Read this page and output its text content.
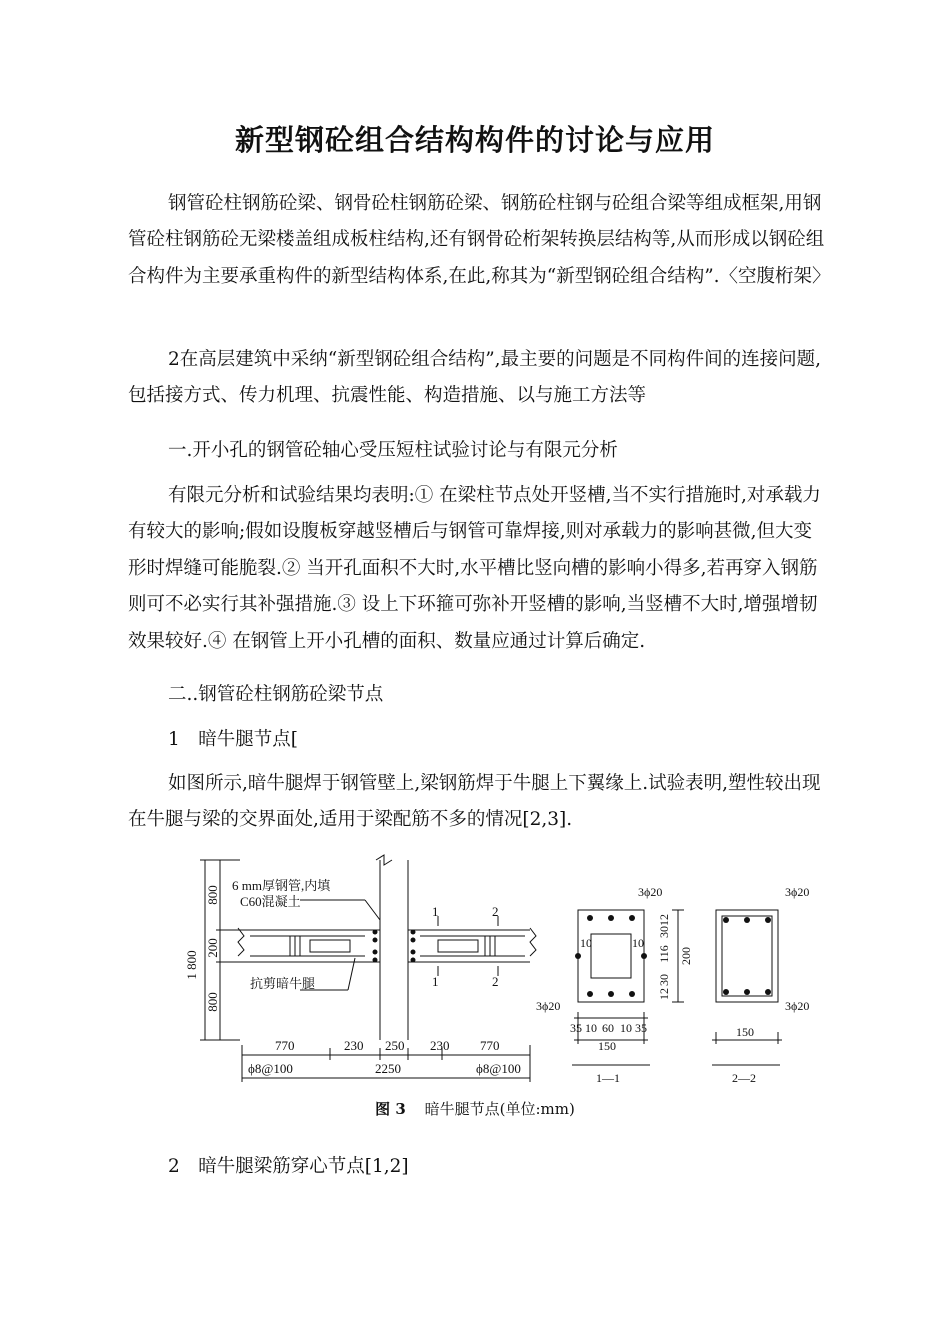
新型钢砼组合结构构件的讨论与应用

钢管砼柱钢筋砼梁、钢骨砼柱钢筋砼梁、钢筋砼柱钢与砼组合梁等组成框架,用钢管砼柱钢筋砼无梁楼盖组成板柱结构,还有钢骨砼桁架转换层结构等,从而形成以钢砼组合构件为主要承重构件的新型结构体系,在此,称其为“新型钢砼组合结构”.〈空腹桁架〉

2在高层建筑中采纳“新型钢砼组合结构”,最主要的问题是不同构件间的连接问题,包括接方式、传力机理、抗震性能、构造措施、以与施工方法等

一.开小孔的钢管砼轴心受压短柱试验讨论与有限元分析

有限元分析和试验结果均表明:① 在梁柱节点处开竖槽,当不实行措施时,对承载力有较大的影响;假如设腹板穿越竖槽后与钢管可靠焊接,则对承载力的影响甚微,但大变形时焊缝可能脆裂.② 当开孔面积不大时,水平槽比竖向槽的影响小得多,若再穿入钢筋则可不必实行其补强措施.③ 设上下环箍可弥补开竖槽的影响,当竖槽不大时,增强增韧效果较好.④ 在钢管上开小孔槽的面积、数量应通过计算后确定.

二..钢管砼柱钢筋砼梁节点
1　暗牛腿节点[

如图所示,暗牛腿焊于钢管壁上,梁钢筋焊于牛腿上下翼缘上.试验表明,塑性较出现在牛腿与梁的交界面处,适用于梁配筋不多的情况[2,3].

6 mm厚钢管,内填
C60混凝土
抗剪暗牛腿
1 800
800
200
800
770	230 250 230 770
ϕ8@100	2250	ϕ8@100
1
1
2
2
3ϕ20
3ϕ20
10	10
35 10 60 10 35
150
12
30
116 200
30
12
1—1
3ϕ20
3ϕ20
150
2—2
图 3 暗牛腿节点(单位:mm)
2　暗牛腿梁筋穿心节点[1,2]
